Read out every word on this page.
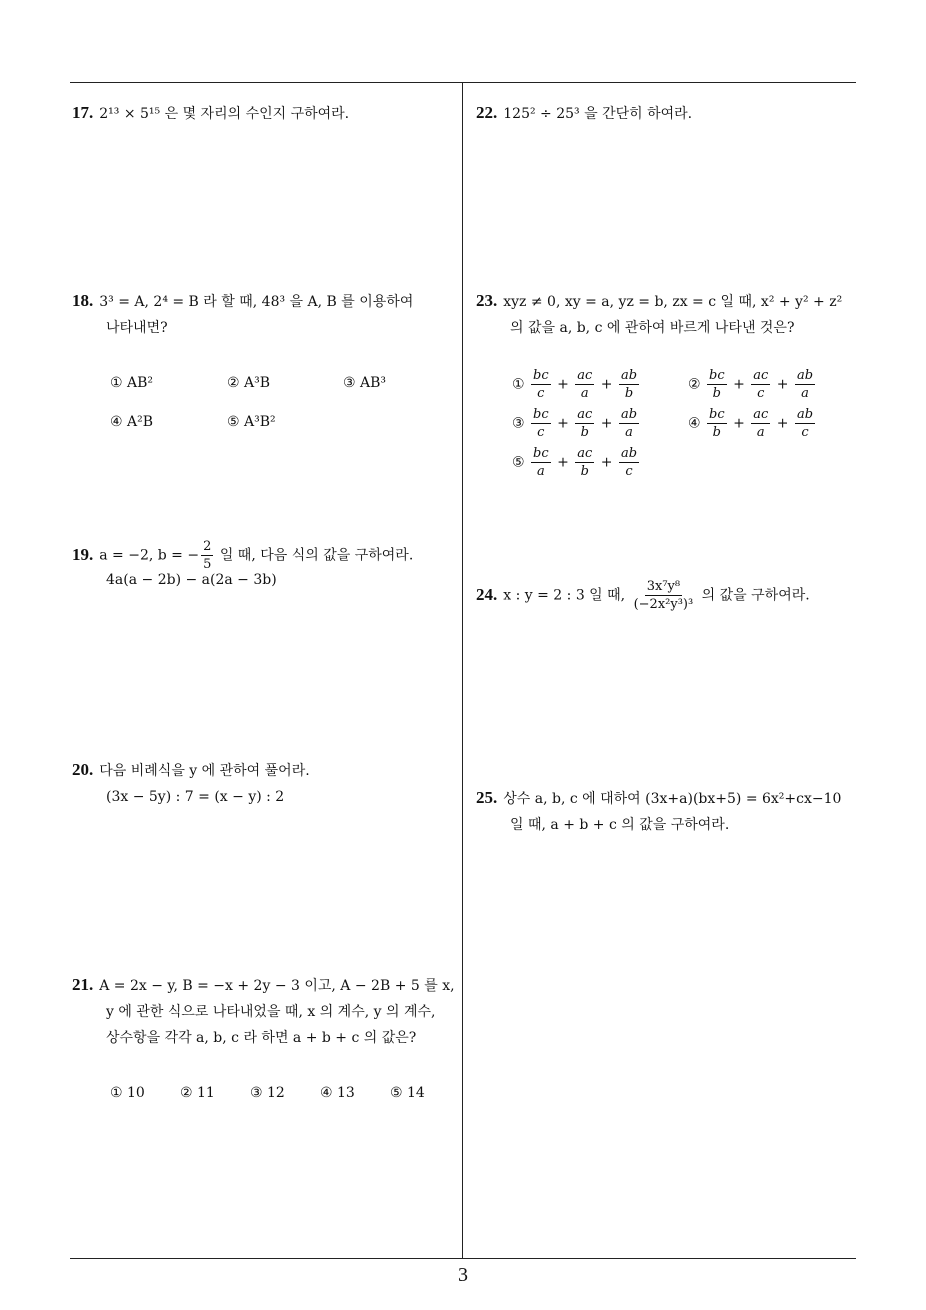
17. 2¹³ × 5¹⁵ 은 몇 자리의 수인지 구하여라.
18. 3³ = A, 2⁴ = B 라 할 때, 48³ 을 A, B 를 이용하여
나타내면?
① AB²	② A³B	③ AB³
④ A²B	⑤ A³B²
19. a = −2, b = − $\frac{2}{5}$ 일 때, 다음 식의 값을 구하여라.
4a(a − 2b) − a(2a − 3b)
20. 다음 비례식을 y 에 관하여 풀어라.
(3x − 5y) : 7 = (x − y) : 2
21. A = 2x − y, B = −x + 2y − 3 이고, A − 2B + 5 를 x,
y 에 관한 식으로 나타내었을 때, x 의 계수, y 의 계수,
상수항을 각각 a, b, c 라 하면 a + b + c 의 값은?
① 10	② 11	③ 12	④ 13	⑤ 14
22. 125² ÷ 25³ 을 간단히 하여라.
23. xyz ≠ 0, xy = a, yz = b, zx = c 일 때, x² + y² + z²
의 값을 a, b, c 에 관하여 바르게 나타낸 것은?
① $\frac{bc}{c} + \frac{ac}{a} + \frac{ab}{b}$	② $\frac{bc}{b} + \frac{ac}{c} + \frac{ab}{a}$
③ $\frac{bc}{c} + \frac{ac}{b} + \frac{ab}{a}$	④ $\frac{bc}{b} + \frac{ac}{a} + \frac{ab}{c}$
⑤ $\frac{bc}{a} + \frac{ac}{b} + \frac{ab}{c}$
24. x : y = 2 : 3 일 때, $\frac{\text{3x⁷y⁸}}{\text{(−2x²y³)³}}$ 의 값을 구하여라.
25. 상수 a, b, c 에 대하여 (3x+a)(bx+5) = 6x²+cx−10
일 때, a + b + c 의 값을 구하여라.
3
